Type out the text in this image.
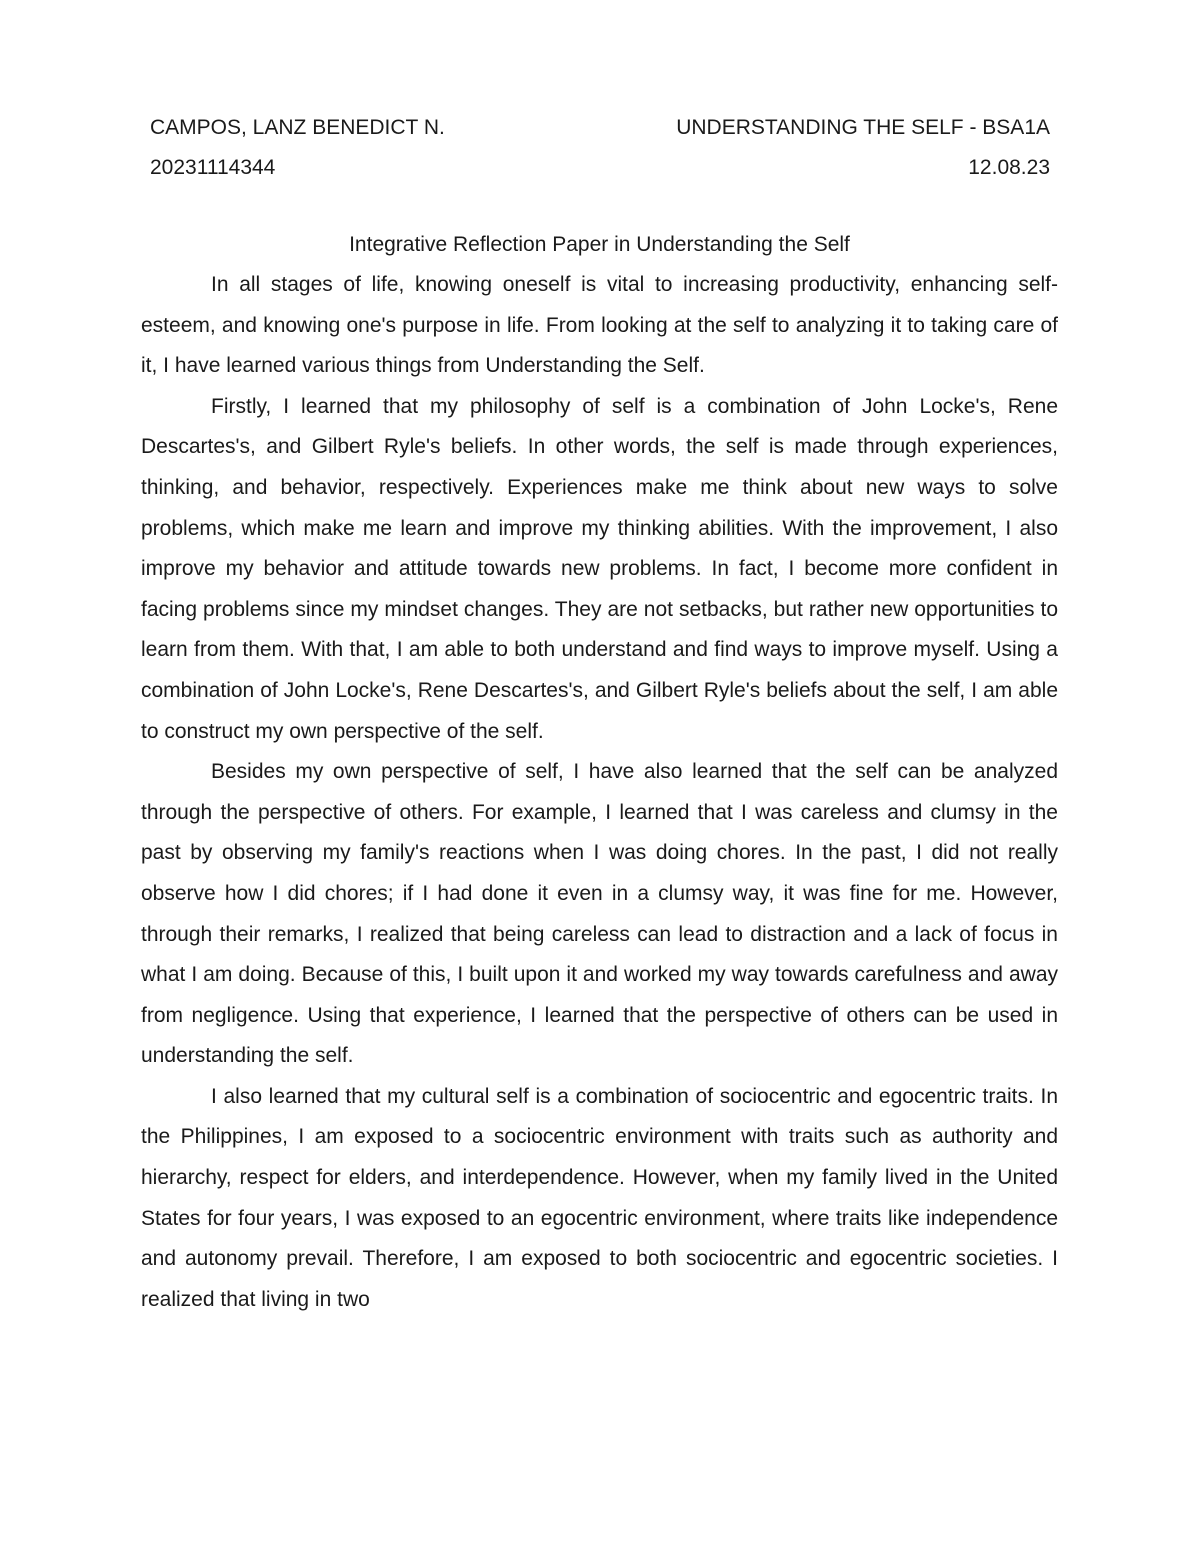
CAMPOS, LANZ BENEDICT N.	UNDERSTANDING THE SELF - BSA1A
20231114344	12.08.23
Integrative Reflection Paper in Understanding the Self

In all stages of life, knowing oneself is vital to increasing productivity, enhancing self-esteem, and knowing one's purpose in life. From looking at the self to analyzing it to taking care of it, I have learned various things from Understanding the Self.

Firstly, I learned that my philosophy of self is a combination of John Locke's, Rene Descartes's, and Gilbert Ryle's beliefs. In other words, the self is made through experiences, thinking, and behavior, respectively. Experiences make me think about new ways to solve problems, which make me learn and improve my thinking abilities. With the improvement, I also improve my behavior and attitude towards new problems. In fact, I become more confident in facing problems since my mindset changes. They are not setbacks, but rather new opportunities to learn from them. With that, I am able to both understand and find ways to improve myself. Using a combination of John Locke's, Rene Descartes's, and Gilbert Ryle's beliefs about the self, I am able to construct my own perspective of the self.

Besides my own perspective of self, I have also learned that the self can be analyzed through the perspective of others. For example, I learned that I was careless and clumsy in the past by observing my family's reactions when I was doing chores. In the past, I did not really observe how I did chores; if I had done it even in a clumsy way, it was fine for me. However, through their remarks, I realized that being careless can lead to distraction and a lack of focus in what I am doing. Because of this, I built upon it and worked my way towards carefulness and away from negligence. Using that experience, I learned that the perspective of others can be used in understanding the self.

I also learned that my cultural self is a combination of sociocentric and egocentric traits. In the Philippines, I am exposed to a sociocentric environment with traits such as authority and hierarchy, respect for elders, and interdependence. However, when my family lived in the United States for four years, I was exposed to an egocentric environment, where traits like independence and autonomy prevail. Therefore, I am exposed to both sociocentric and egocentric societies. I realized that living in two
